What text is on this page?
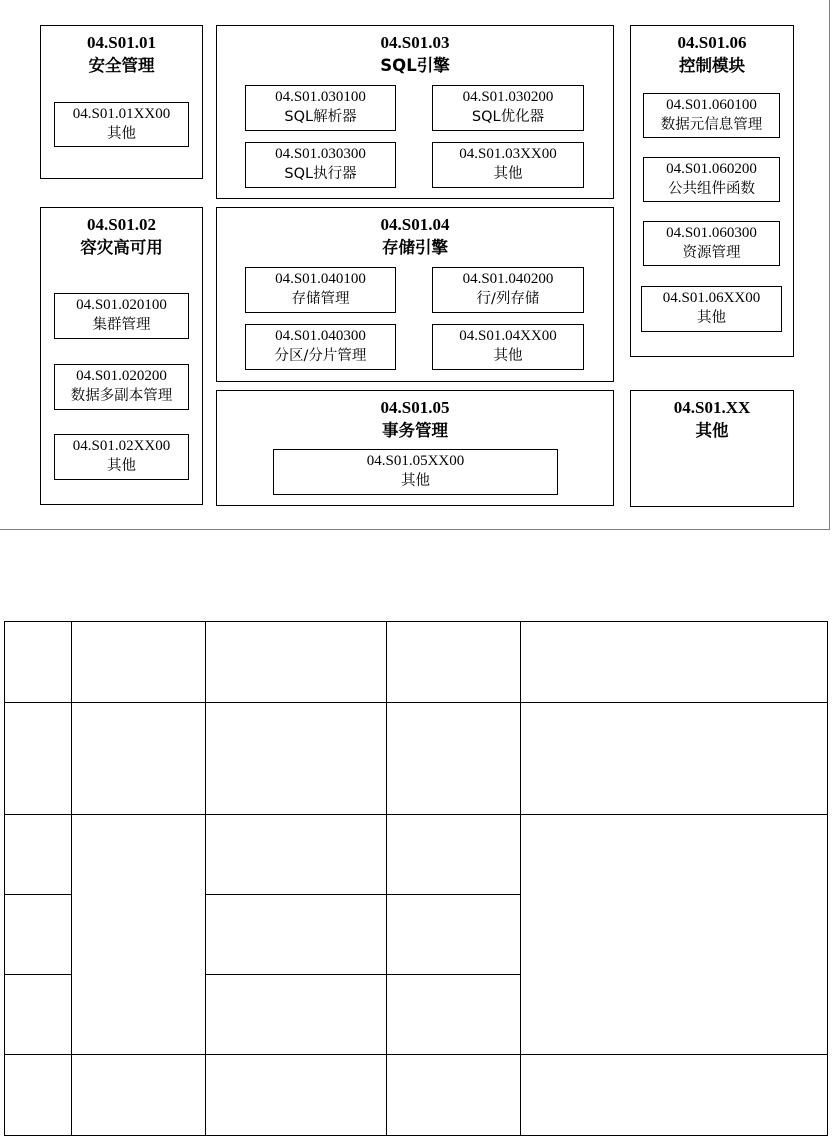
04.S01.01
安全管理
04.S01.01XX00
其他
04.S01.02
容灾高可用
04.S01.020100
集群管理
04.S01.020200
数据多副本管理
04.S01.02XX00
其他
04.S01.03
SQL引擎
04.S01.030100
SQL解析器
04.S01.030200
SQL优化器
04.S01.030300
SQL执行器
04.S01.03XX00
其他
04.S01.04
存储引擎
04.S01.040100
存储管理
04.S01.040200
行/列存储
04.S01.040300
分区/分片管理
04.S01.04XX00
其他
04.S01.05
事务管理
04.S01.05XX00
其他
04.S01.06
控制模块
04.S01.060100
数据元信息管理
04.S01.060200
公共组件函数
04.S01.060300
资源管理
04.S01.06XX00
其他
04.S01.XX
其他
